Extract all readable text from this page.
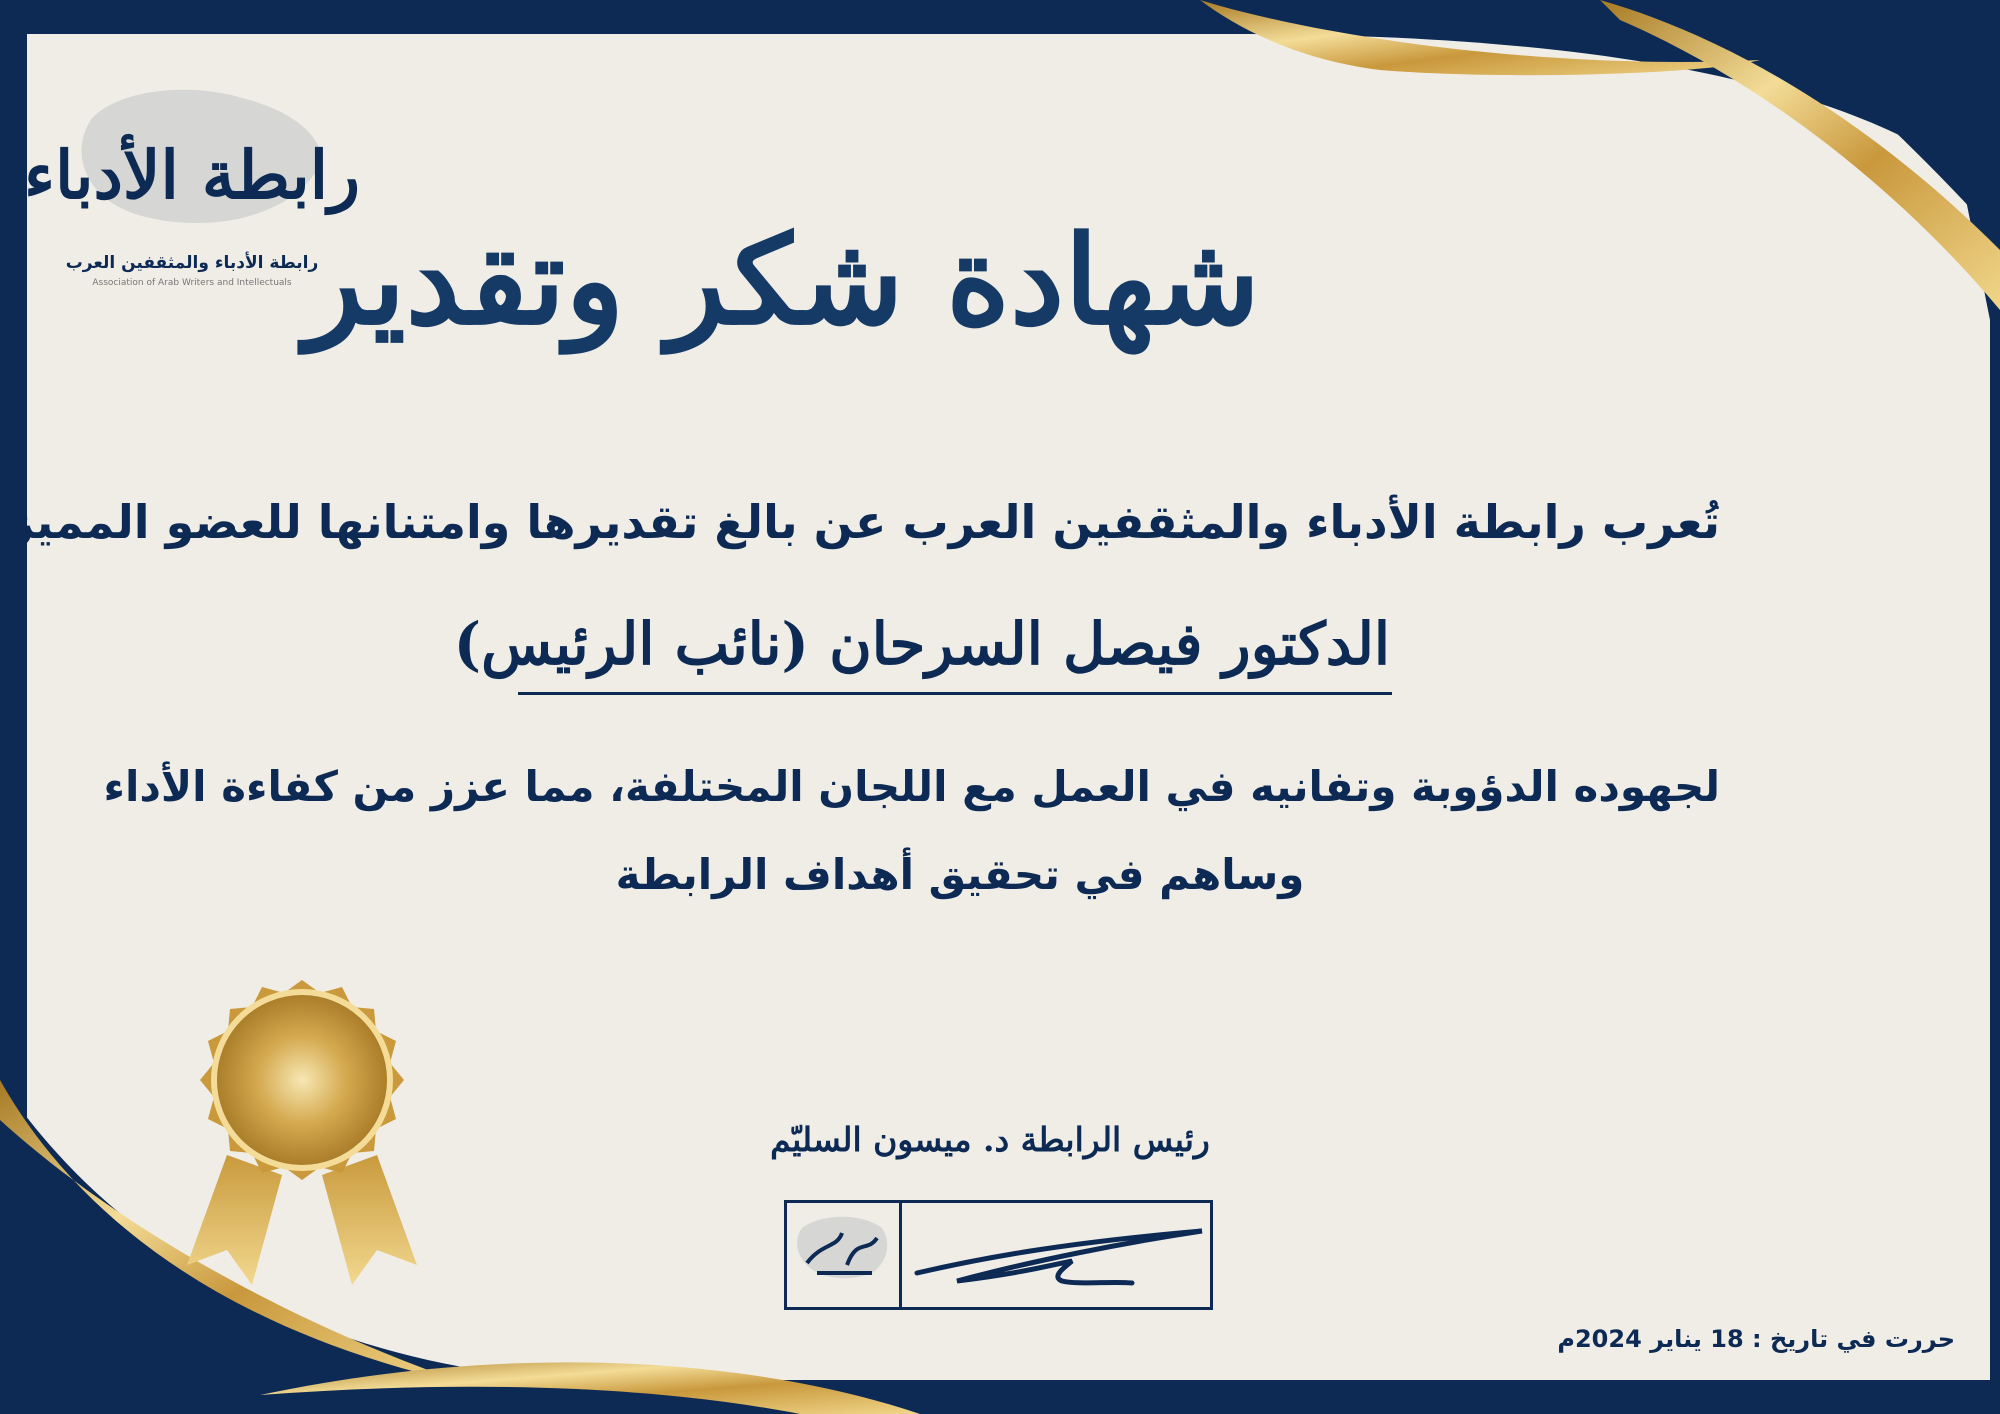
رابطة الأدباء
رابطة الأدباء والمثقفين العرب
Association of Arab Writers and Intellectuals شهادة شكر وتقدير
تُعرب رابطة الأدباء والمثقفين العرب عن بالغ تقديرها وامتنانها للعضو المميز
الدكتور فيصل السرحان (نائب الرئيس)
لجهوده الدؤوبة وتفانيه في العمل مع اللجان المختلفة، مما عزز من كفاءة الأداء
وساهم في تحقيق أهداف الرابطة
رئيس الرابطة د. ميسون السليّم
حررت في تاريخ : 18 يناير 2024م
